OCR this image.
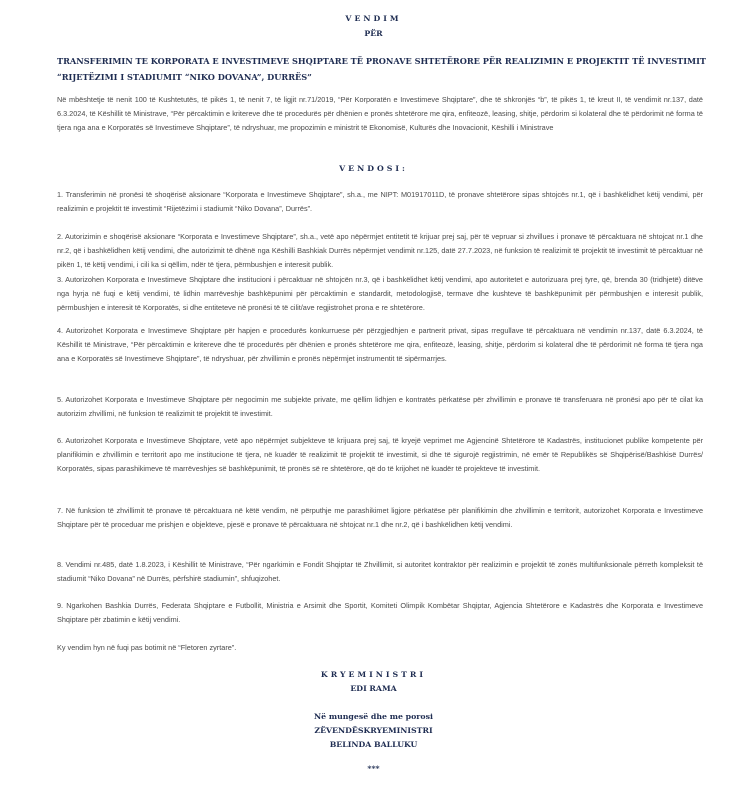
VENDIM
PËR
TRANSFERIMIN TE KORPORATA E INVESTIMEVE SHQIPTARE TË PRONAVE SHTETËRORE PËR REALIZIMIN E PROJEKTIT TË INVESTIMIT
“RIJETËZIMI I STADIUMIT “NIKO DOVANA”, DURRËS”
Në mbështetje të nenit 100 të Kushtetutës, të pikës 1, të nenit 7, të ligjit nr.71/2019, “Për Korporatën e Investimeve Shqiptare”, dhe të shkronjës “b”, të pikës 1, të kreut II, të vendimit nr.137, datë 6.3.2024, të Këshillit të Ministrave, “Për përcaktimin e kritereve dhe të procedurës për dhënien e pronës shtetërore me qira, enfiteozë, leasing, shitje, përdorim si kolateral dhe të përdorimit në forma të tjera nga ana e Korporatës së Investimeve Shqiptare”, të ndryshuar, me propozimin e ministrit të Ekonomisë, Kulturës dhe Inovacionit, Këshilli i Ministrave
VENDOSI:
1. Transferimin në pronësi të shoqërisë aksionare “Korporata e Investimeve Shqiptare”, sh.a., me NIPT: M01917011D, të pronave shtetërore sipas shtojcës nr.1, që i bashkëlidhet këtij vendimi, për realizimin e projektit të investimit “Rijetëzimi i stadiumit “Niko Dovana”, Durrës”.
2. Autorizimin e shoqërisë aksionare “Korporata e Investimeve Shqiptare”, sh.a., vetë apo nëpërmjet entitetit të krijuar prej saj, për të vepruar si zhvillues i pronave të përcaktuara në shtojcat nr.1 dhe nr.2, që i bashkëlidhen këtij vendimi, dhe autorizimit të dhënë nga Këshilli Bashkiak Durrës nëpërmjet vendimit nr.125, datë 27.7.2023, në funksion të realizimit të projektit të investimit të përcaktuar në pikën 1, të këtij vendimi, i cili ka si qëllim, ndër të tjera, përmbushjen e interesit publik.
3. Autorizohen Korporata e Investimeve Shqiptare dhe institucioni i përcaktuar në shtojcën nr.3, që i bashkëlidhet këtij vendimi, apo autoritetet e autorizuara prej tyre, që, brenda 30 (tridhjetë) ditëve nga hyrja në fuqi e këtij vendimi, të lidhin marrëveshje bashkëpunimi për përcaktimin e standardit, metodologjisë, termave dhe kushteve të bashkëpunimit për përmbushjen e interesit publik, përmbushjen e interesit të Korporatës, si dhe entiteteve në pronësi të të cilit/ave regjistrohet prona e re shtetërore.
4. Autorizohet Korporata e Investimeve Shqiptare për hapjen e procedurës konkurruese për përzgjedhjen e partnerit privat, sipas rregullave të përcaktuara në vendimin nr.137, datë 6.3.2024, të Këshillit të Ministrave, “Për përcaktimin e kritereve dhe të procedurës për dhënien e pronës shtetërore me qira, enfiteozë, leasing, shitje, përdorim si kolateral dhe të përdorimit në forma të tjera nga ana e Korporatës së Investimeve Shqiptare”, të ndryshuar, për zhvillimin e pronës nëpërmjet instrumentit të sipërmarrjes.
5. Autorizohet Korporata e Investimeve Shqiptare për negocimin me subjekte private, me qëllim lidhjen e kontratës përkatëse për zhvillimin e pronave të transferuara në pronësi apo për të cilat ka autorizim zhvillimi, në funksion të realizimit të projektit të investimit.
6. Autorizohet Korporata e Investimeve Shqiptare, vetë apo nëpërmjet subjekteve të krijuara prej saj, të kryejë veprimet me Agjencinë Shtetërore të Kadastrës, institucionet publike kompetente për planifikimin e zhvillimin e territorit apo me institucione të tjera, në kuadër të realizimit të projektit të investimit, si dhe të sigurojë regjistrimin, në emër të Republikës së Shqipërisë/Bashkisë Durrës/ Korporatës, sipas parashikimeve të marrëveshjes së bashkëpunimit, të pronës së re shtetërore, që do të krijohet në kuadër të projekteve të investimit.
7. Në funksion të zhvillimit të pronave të përcaktuara në këtë vendim, në përputhje me parashikimet ligjore përkatëse për planifikimin dhe zhvillimin e territorit, autorizohet Korporata e Investimeve Shqiptare për të proceduar me prishjen e objekteve, pjesë e pronave të përcaktuara në shtojcat nr.1 dhe nr.2, që i bashkëlidhen këtij vendimi.
8. Vendimi nr.485, datë 1.8.2023, i Këshillit të Ministrave, “Për ngarkimin e Fondit Shqiptar të Zhvillimit, si autoritet kontraktor për realizimin e projektit të zonës multifunksionale përreth kompleksit të stadiumit “Niko Dovana” në Durrës, përfshirë stadiumin”, shfuqizohet.
9. Ngarkohen Bashkia Durrës, Federata Shqiptare e Futbollit, Ministria e Arsimit dhe Sportit, Komiteti Olimpik Kombëtar Shqiptar, Agjencia Shtetërore e Kadastrës dhe Korporata e Investimeve Shqiptare për zbatimin e këtij vendimi.
Ky vendim hyn në fuqi pas botimit në “Fletoren zyrtare”.
KRYEMINISTRI
EDI RAMA
Në mungesë dhe me porosi
ZËVENDËSKRYEMINISTRI
BELINDA BALLUKU
***
